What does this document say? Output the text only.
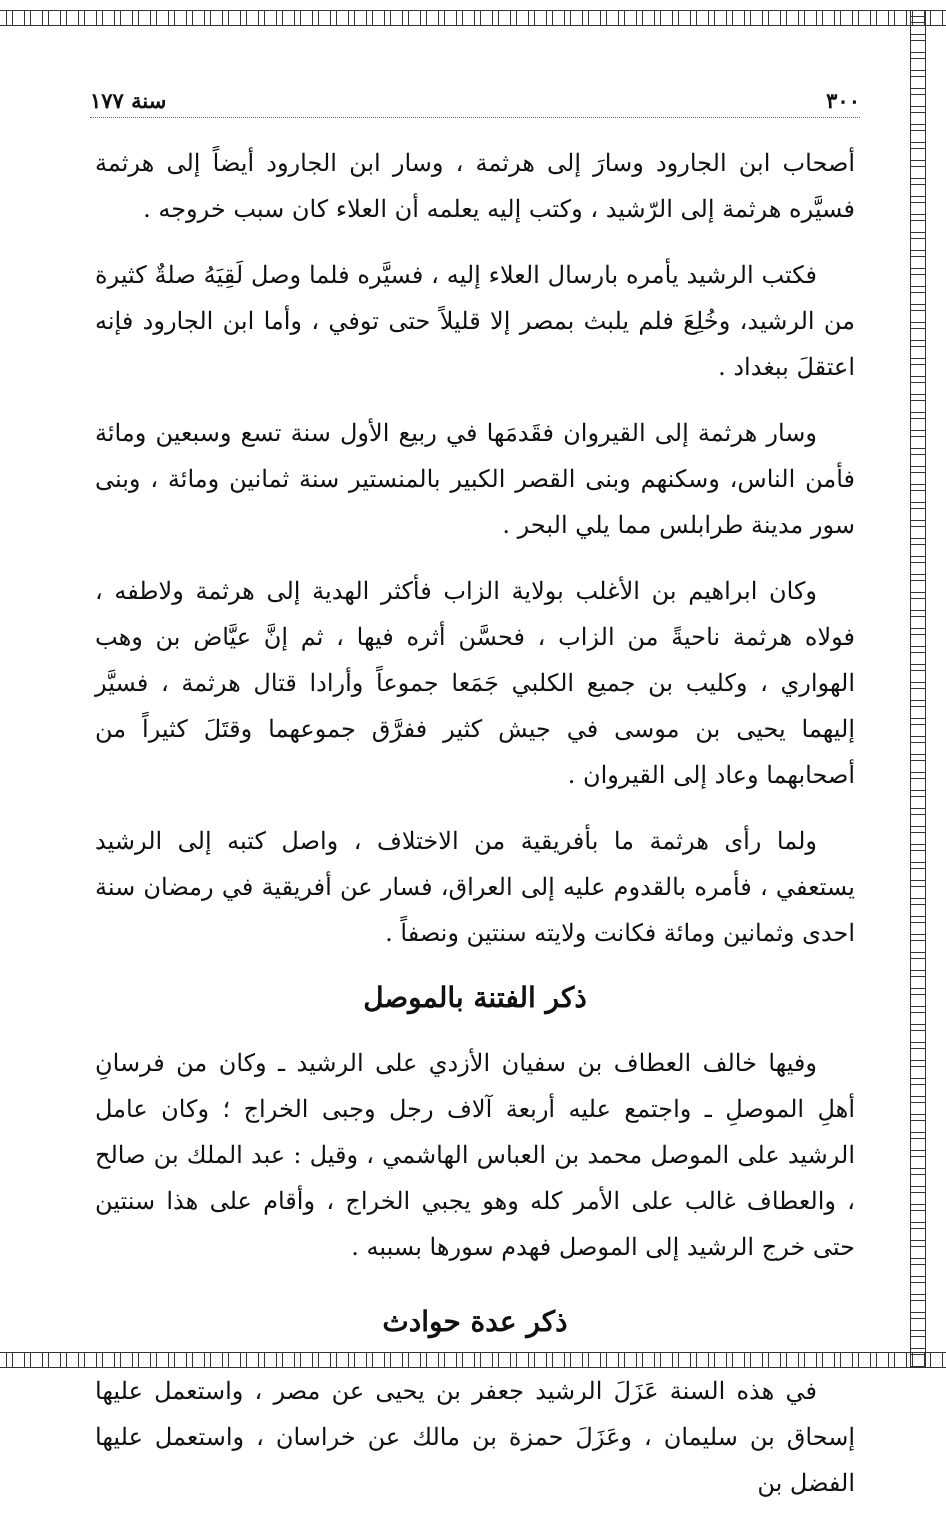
٣٠٠
سنة ١٧٧

أصحاب ابن الجارود وسارَ إلى هرثمة ، وسار ابن الجارود أيضاً إلى هرثمة فسيَّره هرثمة إلى الرّشيد ، وكتب إليه يعلمه أن العلاء كان سبب خروجه .

فكتب الرشيد يأمره بارسال العلاء إليه ، فسيَّره فلما وصل لَقِيَهُ صلةٌ كثيرة من الرشيد، وخُلِعَ فلم يلبث بمصر إلا قليلاً حتى توفي ، وأما ابن الجارود فإنه اعتقلَ ببغداد .

وسار هرثمة إلى القيروان فقَدمَها في ربيع الأول سنة تسع وسبعين ومائة فأمن الناس، وسكنهم وبنى القصر الكبير بالمنستير سنة ثمانين ومائة ، وبنى سور مدينة طرابلس مما يلي البحر .

وكان ابراهيم بن الأغلب بولاية الزاب فأكثر الهدية إلى هرثمة ولاطفه ، فولاه هرثمة ناحيةً من الزاب ، فحسَّن أثره فيها ، ثم إنَّ عيَّاض بن وهب الهواري ، وكليب بن جميع الكلبي جَمَعا جموعاً وأرادا قتال هرثمة ، فسيَّر إليهما يحيى بن موسى في جيش كثير ففرَّق جموعهما وقتَلَ كثيراً من أصحابهما وعاد إلى القيروان .

ولما رأى هرثمة ما بأفريقية من الاختلاف ، واصل كتبه إلى الرشيد يستعفي ، فأمره بالقدوم عليه إلى العراق، فسار عن أفريقية في رمضان سنة احدى وثمانين ومائة فكانت ولايته سنتين ونصفاً .

ذكر الفتنة بالموصل

وفيها خالف العطاف بن سفيان الأزدي على الرشيد ـ وكان من فرسانِ أهلِ الموصلِ ـ واجتمع عليه أربعة آلاف رجل وجبى الخراج ؛ وكان عامل الرشيد على الموصل محمد بن العباس الهاشمي ، وقيل : عبد الملك بن صالح ، والعطاف غالب على الأمر كله وهو يجبي الخراج ، وأقام على هذا سنتين حتى خرج الرشيد إلى الموصل فهدم سورها بسببه .

ذكر عدة حوادث

في هذه السنة عَزَلَ الرشيد جعفر بن يحيى عن مصر ، واستعمل عليها إسحاق بن سليمان ، وعَزَلَ حمزة بن مالك عن خراسان ، واستعمل عليها الفضل بن
